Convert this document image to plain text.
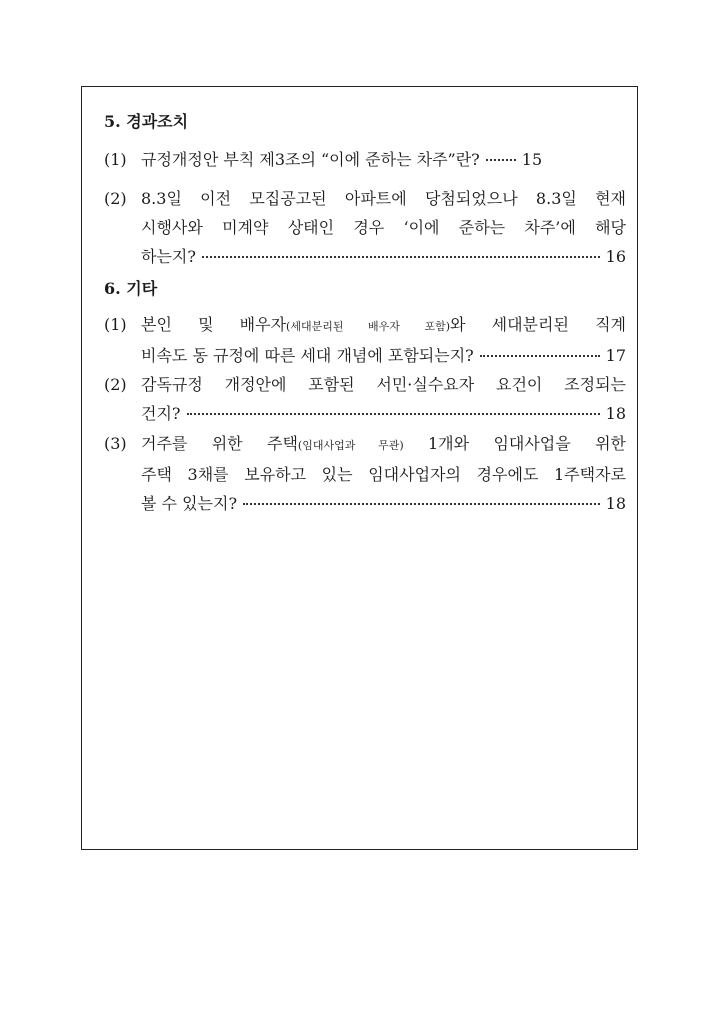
5. 경과조치
(1) 규정개정안 부칙 제3조의 “이에 준하는 차주”란?	15
(2) 8.3일 이전 모집공고된 아파트에 당첨되었으나 8.3일 현재
시행사와 미계약 상태인 경우 ‘이에 준하는 차주’에 해당
하는지?	16
6. 기타
(1) 본인 및 배우자(세대분리된 배우자 포함)와 세대분리된 직계
비속도 동 규정에 따른 세대 개념에 포함되는지?	17
(2) 감독규정 개정안에 포함된 서민·실수요자 요건이 조정되는
건지?	18
(3) 거주를 위한 주택(임대사업과 무관) 1개와 임대사업을 위한
주택 3채를 보유하고 있는 임대사업자의 경우에도 1주택자로
볼 수 있는지?	18
